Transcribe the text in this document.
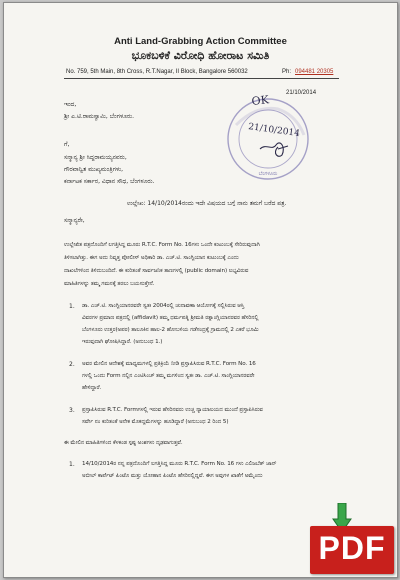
Anti Land-Grabbing Action Committee
ಭೂಕಬಳಿಕೆ ವಿರೋಧಿ ಹೋರಾಟ ಸಮಿತಿ
No. 759, 5th Main, 8th Cross, R.T.Nagar, II Block, Bangalore 560032	Ph: 094481 20305
21/10/2014
ಬೆಂಗಳೂರು
OK
21/10/2014
ಇಂದ,
ಶ್ರೀ ಎ.ಟಿ.ರಾಮಸ್ವಾಮಿ, ಬೆಂಗಳೂರು.
ಗೆ,
ಸನ್ಮಾನ್ಯ ಶ್ರೀ ಸಿದ್ದರಾಮಯ್ಯನವರು,
ಗೌರವಾನ್ವಿತ ಮುಖ್ಯಮಂತ್ರಿಗಳು,
ಕರ್ನಾಟಕ ಸರ್ಕಾರ, ವಿಧಾನ ಸೌಧ, ಬೆಂಗಳೂರು.
ಉಲ್ಲೇಖ: 14/10/2014ರಂದು ಇದೇ ವಿಷಯದ ಬಗ್ಗೆ ನಾನು ತಮಗೆ ಬರೆದ ಪತ್ರ.
ಸನ್ಮಾನ್ಯರೇ,
ಉಲ್ಲೇಖಿತ ಪತ್ರದೊಂದಿಗೆ ಲಗತ್ತಿಸಿದ್ದ ಮೂರು R.T.C. Form No. 16ಗಳು ಒಂದೇ ಕುಟುಂಬಕ್ಕೆ ಸೇರಿರುವುದಾಗಿ
ತಿಳಿಸಲಾಗಿತ್ತು. ಈಗ ಅದು ನಿವೃತ್ತ ಪೋಲೀಸ್ ಅಧಿಕಾರಿ ಡಾ. ಎಚ್.ಟಿ. ಸಾಂಗ್ಲಿಯಾನ ಕುಟುಂಬಕ್ಕೆ ಎಂದು
ದಾಖಲೆಗಳಿಂದ ತಿಳಿದುಬಂದಿದೆ. ಈ ಕುರಿತಂತೆ ಸಾರ್ವಜನಿಕ ತಾಣಗಳಲ್ಲಿ (public domain) ಲಭ್ಯವಿರುವ
ಮಾಹಿತಿಗಳನ್ನು ತಮ್ಮ ಗಮನಕ್ಕೆ ತರಲು ಬಯಸುತ್ತೇನೆ.
1. ಡಾ. ಎಚ್.ಟಿ. ಸಾಂಗ್ಲಿಯಾನರವರೇ ಸ್ವತಃ 2004ರಲ್ಲಿ ಚುನಾವಣಾ ಆಯೋಗಕ್ಕೆ ಸಲ್ಲಿಸಿರುವ ಆಸ್ತಿ
ವಿವರಗಳ ಪ್ರಮಾಣ ಪತ್ರದಲ್ಲಿ (affidavit) ತಮ್ಮ ಧರ್ಮಪತ್ನಿ ಶ್ರೀಮತಿ ರತ್ನಾಂಗ್ಲಿಯಾನರವರ ಹೆಸರಿನಲ್ಲಿ
ಬೆಂಗಳೂರು ಉತ್ತರ(ಅಪರ) ತಾಲೂಕಿನ ಹಾಲ-2 ಹೋಬಳಿಯ ಗಡೆಸಂದ್ರಕ್ಕೆ ಗ್ರಾಮದಲ್ಲಿ 2 ಎಕರೆ ಭೂಮಿ
ಇರುವುದಾಗಿ ಘೋಷಿಸಿದ್ದಾರೆ. (ಅನುಬಂಧ 1.)
2. ಅವರ ಮೇಲಿನ ಆದೇಶಕ್ಕೆ ಮಾಧ್ಯಮಗಳಲ್ಲಿ ಪ್ರತಿಕ್ರಿಯೆ ನೀಡಿ ಪ್ರಸ್ತಾಪಿಸಿರುವ R.T.C. Form No. 16
ಗಳಲ್ಲಿ ಒಂದು Form ನಲ್ಲಿನ ಎಂಟಿಸಿಂಚ್ ತಮ್ಮ ಮಗಳಿಂದ ಸ್ವತಃ ಡಾ. ಎಚ್.ಟಿ. ಸಾಂಗ್ಲಿಯಾನರವರೇ
ಹೇಳಿದ್ದಾರೆ.
3. ಪ್ರಸ್ತಾಪಿಸಿರುವ R.T.C. Formಗಳಲ್ಲಿ ಇರುವ ಹೆಸರಿನವರು ಉಚ್ಚ ನ್ಯಾಯಾಲಯದ ಮುಂದೆ ಪ್ರಸ್ತಾಪಿಸಿರುವ
ಸರ್ವೇ ನಂ ಕುರಿತಂತೆ ಅನೇಕ ಮೊಕದ್ದಮೆಗಳನ್ನು ಹೂಡಿದ್ದಾರೆ (ಅನುಬಂಧ 2 ರಿಂದ 5)
ಈ ಮೇಲಿನ ಮಾಹಿತಿಗಳಿಂದ ಕೆಳಕಂಡ ಸ್ಪಷ್ಟ ಅಂಶಗಳು ದೃಢವಾಗುತ್ತವೆ.
1. 14/10/2014ರ ನನ್ನ ಪತ್ರದೊಂದಿಗೆ ಲಗತ್ತಿಸಿದ್ದ ಮೂರು R.T.C. Form No. 16 ಗಳು ಎಲಿಜಬೆತ್ ಜಾನ್
ಅಬೀಲ್ ಕಾರ್ಪೆಟ್ ಪಿಂಟೊ ಮತ್ತು ಯೋಹಾನ ಪಿಂಟೊ ಹೆಸರಿನಲ್ಲಿದ್ದವೆ. ಈಗ ಅವುಗಳ ಖಾತೆಗೆ ಅಮೈಂದು
PDF
